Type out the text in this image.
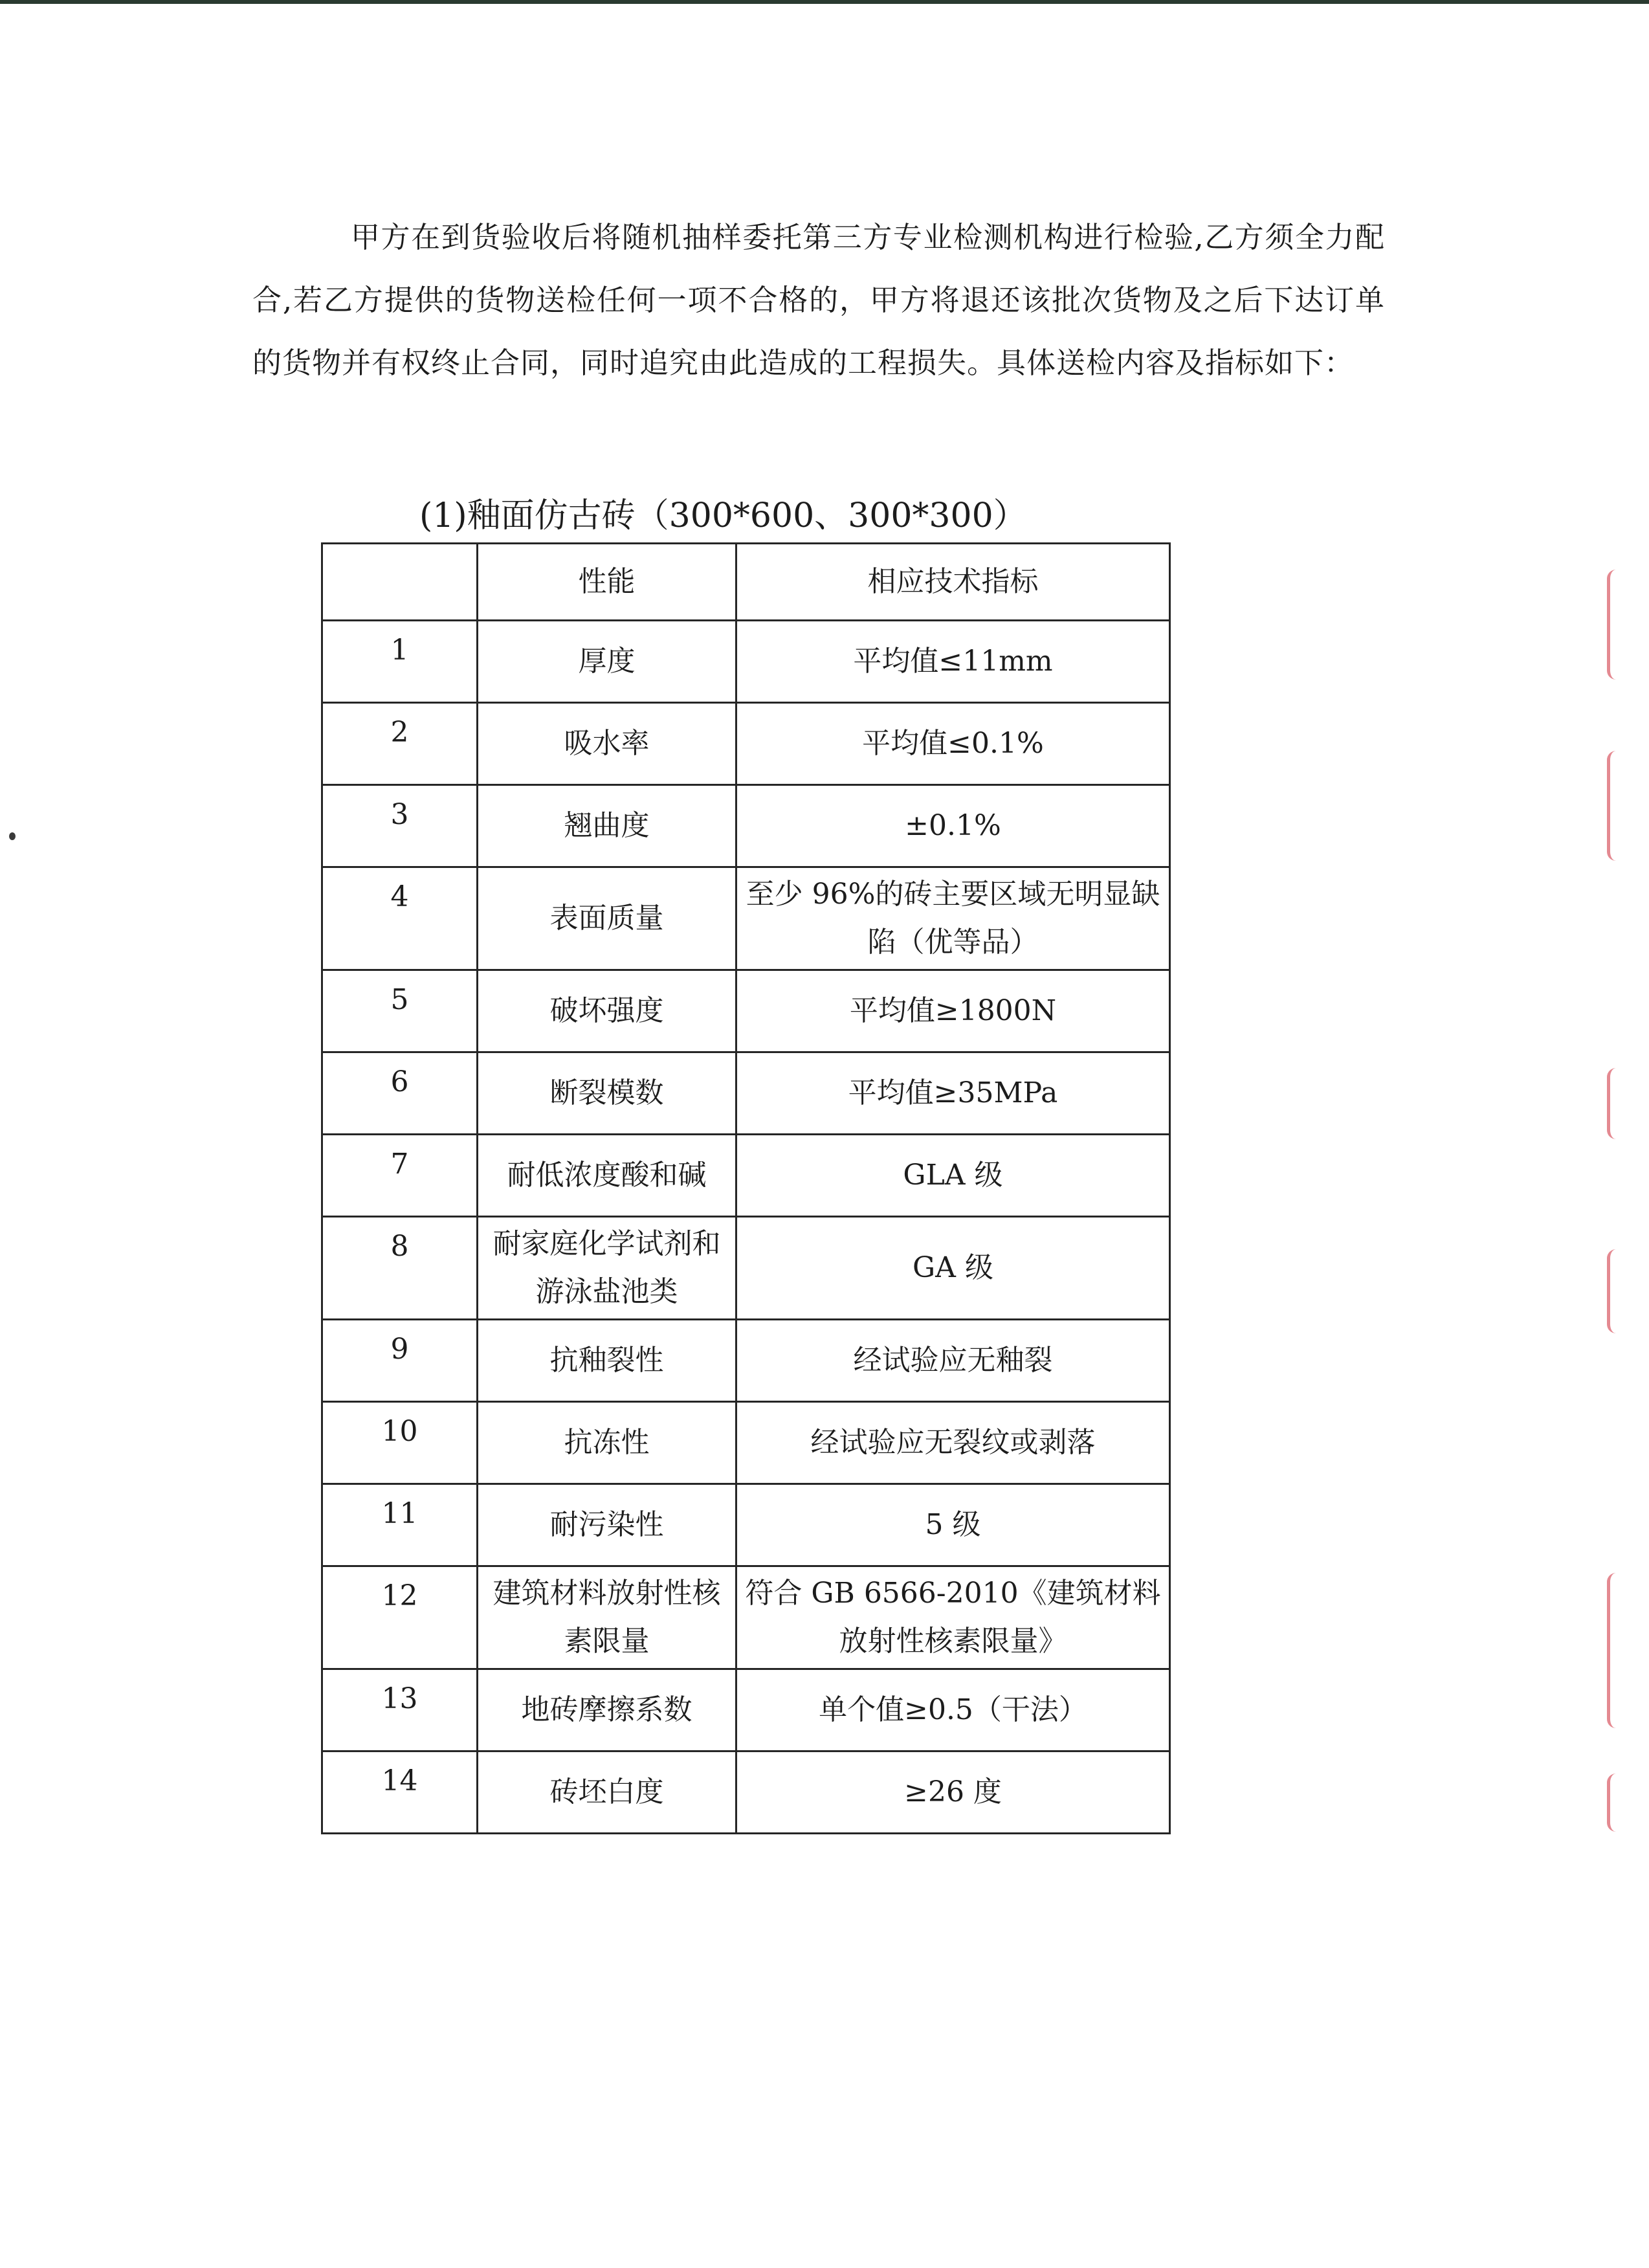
甲方在到货验收后将随机抽样委托第三方专业检测机构进行检验,乙方须全力配合,若乙方提供的货物送检任何一项不合格的，甲方将退还该批次货物及之后下达订单的货物并有权终止合同，同时追究由此造成的工程损失。具体送检内容及指标如下：

(1)釉面仿古砖（300*600、300*300）

	性能	相应技术指标
1	厚度	平均值≤11mm
2	吸水率	平均值≤0.1%
3	翘曲度	±0.1%
4	表面质量	至少 96%的砖主要区域无明显缺陷（优等品）
5	破坏强度	平均值≥1800N
6	断裂模数	平均值≥35MPa
7	耐低浓度酸和碱	GLA 级
8	耐家庭化学试剂和游泳盐池类	GA 级
9	抗釉裂性	经试验应无釉裂
10	抗冻性	经试验应无裂纹或剥落
11	耐污染性	5 级
12	建筑材料放射性核素限量	符合 GB 6566-2010《建筑材料放射性核素限量》
13	地砖摩擦系数	单个值≥0.5（干法）
14	砖坯白度	≥26 度
